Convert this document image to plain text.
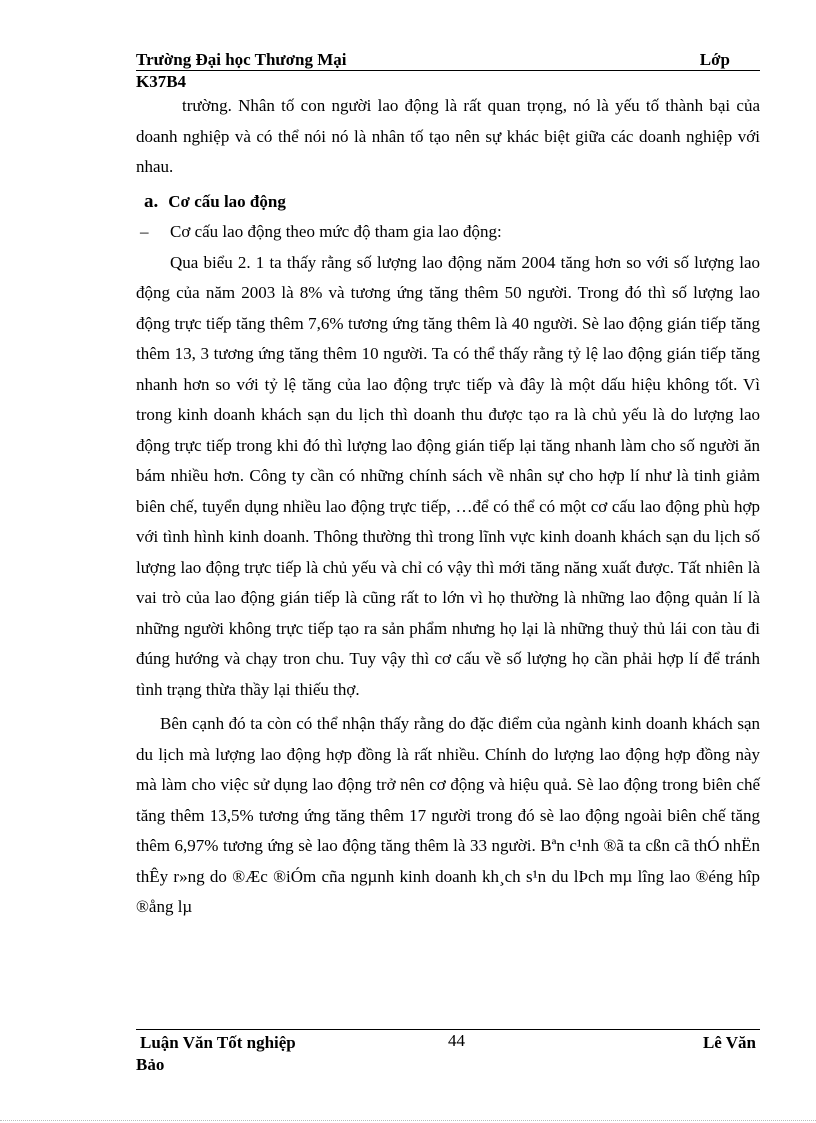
Trường Đại học Thương Mại	Lớp
K37B4

trường. Nhân tố con người lao động là rất quan trọng, nó là yếu tố thành bại của doanh nghiệp và có thể nói nó là nhân tố tạo nên sự khác biệt giữa các doanh nghiệp với nhau.

a. Cơ cấu lao động

– Cơ cấu lao động theo mức độ tham gia lao động:

Qua biểu 2. 1 ta thấy rằng số lượng lao động năm 2004 tăng hơn so với số lượng lao động của năm 2003 là 8% và tương ứng tăng thêm 50 người. Trong đó thì số lượng lao động trực tiếp tăng thêm 7,6% tương ứng tăng thêm là 40 người. Sè lao động gián tiếp tăng thêm 13, 3 tương ứng tăng thêm 10 người. Ta có thể thấy rằng tỷ lệ lao động gián tiếp tăng nhanh hơn so với tỷ lệ tăng của lao động trực tiếp và đây là một dấu hiệu không tốt. Vì trong kinh doanh khách sạn du lịch thì doanh thu được tạo ra là chủ yếu là do lượng lao động trực tiếp trong khi đó thì lượng lao động gián tiếp lại tăng nhanh làm cho số người ăn bám nhiều hơn. Công ty cần có những chính sách về nhân sự cho hợp lí như là tinh giảm biên chế, tuyển dụng nhiều lao động trực tiếp, …để có thể có một cơ cấu lao động phù hợp với tình hình kinh doanh. Thông thường thì trong lĩnh vực kinh doanh khách sạn du lịch số lượng lao động trực tiếp là chủ yếu và chỉ có vậy thì mới tăng năng xuất được. Tất nhiên là vai trò của lao động gián tiếp là cũng rất to lớn vì họ thường là những lao động quản lí là những người không trực tiếp tạo ra sản phẩm nhưng họ lại là những thuỷ thủ lái con tàu đi đúng hướng và chạy tron chu. Tuy vậy thì cơ cấu về số lượng họ cần phải hợp lí để tránh tình trạng thừa thầy lại thiếu thợ.

Bên cạnh đó ta còn có thể nhận thấy rằng do đặc điểm của ngành kinh doanh khách sạn du lịch mà lượng lao động hợp đồng là rất nhiều. Chính do lượng lao động hợp đồng này mà làm cho việc sử dụng lao động trở nên cơ động và hiệu quả. Sè lao động trong biên chế tăng thêm 13,5% tương ứng tăng thêm 17 người trong đó sè lao động ngoài biên chế tăng thêm 6,97% tương ứng sè lao động tăng thêm là 33 người. Bªn c¹nh ®ã ta cßn cã thÓ nhËn thÊy r»ng do ®Æc ®iÓm cña ngµnh kinh doanh kh¸ch s¹n du lÞch mµ lîng lao ®éng hîp ®ång lµ

Luận Văn Tốt nghiệp	44	Lê Văn
Bảo
